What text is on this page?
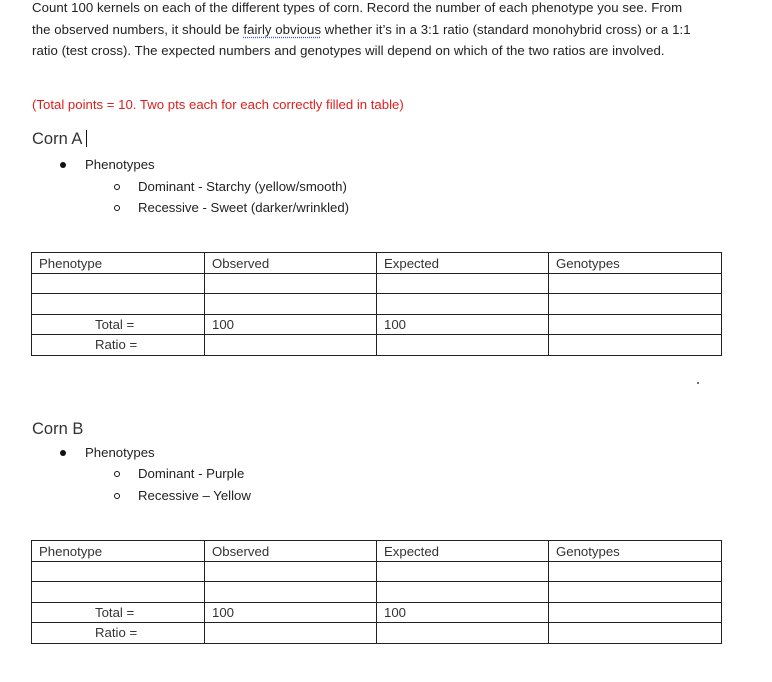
Count 100 kernels on each of the different types of corn. Record the number of each phenotype you see. From the observed numbers, it should be fairly obvious whether it’s in a 3:1 ratio (standard monohybrid cross) or a 1:1 ratio (test cross). The expected numbers and genotypes will depend on which of the two ratios are involved.
(Total points = 10. Two pts each for each correctly filled in table)
Corn A
Phenotypes
Dominant - Starchy (yellow/smooth)
Recessive - Sweet (darker/wrinkled)
Phenotype	Observed	Expected	Genotypes

Total =	100	100	
Ratio =			
Corn B
Phenotypes
Dominant - Purple
Recessive – Yellow
Phenotype	Observed	Expected	Genotypes

Total =	100	100	
Ratio =			
